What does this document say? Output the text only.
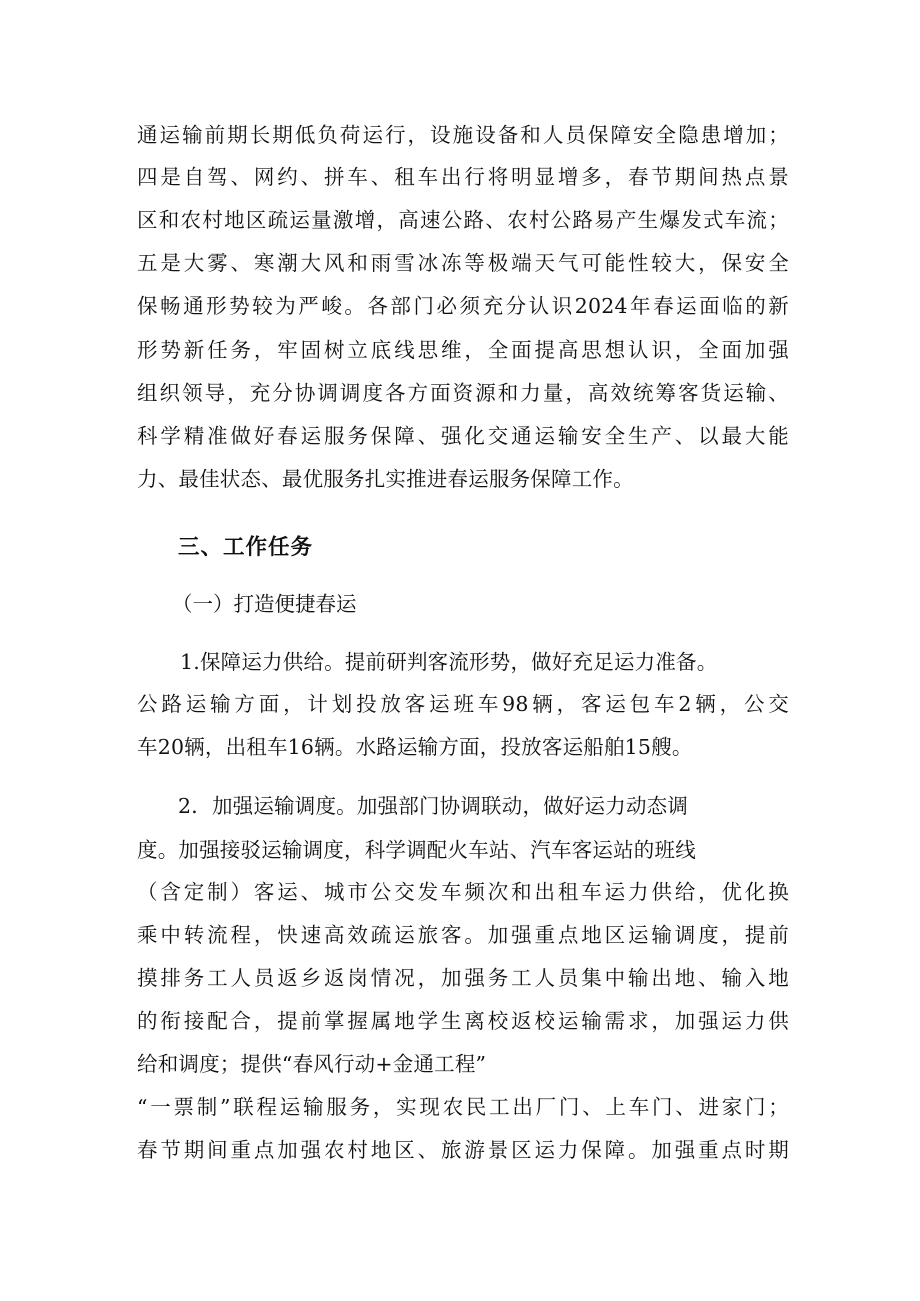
通运输前期长期低负荷运行，设施设备和人员保障安全隐患增加；
四是自驾、网约、拼车、租车出行将明显增多，春节期间热点景
区和农村地区疏运量激增，高速公路、农村公路易产生爆发式车流；
五是大雾、寒潮大风和雨雪冰冻等极端天气可能性较大，保安全
保畅通形势较为严峻。各部门必须充分认识2024年春运面临的新
形势新任务，牢固树立底线思维，全面提高思想认识，全面加强
组织领导，充分协调调度各方面资源和力量，高效统筹客货运输、
科学精准做好春运服务保障、强化交通运输安全生产、以最大能
力、最佳状态、最优服务扎实推进春运服务保障工作。
三、工作任务
（一）打造便捷春运
1.保障运力供给。提前研判客流形势，做好充足运力准备。
公路运输方面，计划投放客运班车98辆，客运包车2辆，公交
车20辆，出租车16辆。水路运输方面，投放客运船舶15艘。
2．加强运输调度。加强部门协调联动，做好运力动态调
度。加强接驳运输调度，科学调配火车站、汽车客运站的班线
（含定制）客运、城市公交发车频次和出租车运力供给，优化换
乘中转流程，快速高效疏运旅客。加强重点地区运输调度，提前
摸排务工人员返乡返岗情况，加强务工人员集中输出地、输入地
的衔接配合，提前掌握属地学生离校返校运输需求，加强运力供
给和调度；提供“春风行动+金通工程”
“一票制”联程运输服务，实现农民工出厂门、上车门、进家门；
春节期间重点加强农村地区、旅游景区运力保障。加强重点时期
